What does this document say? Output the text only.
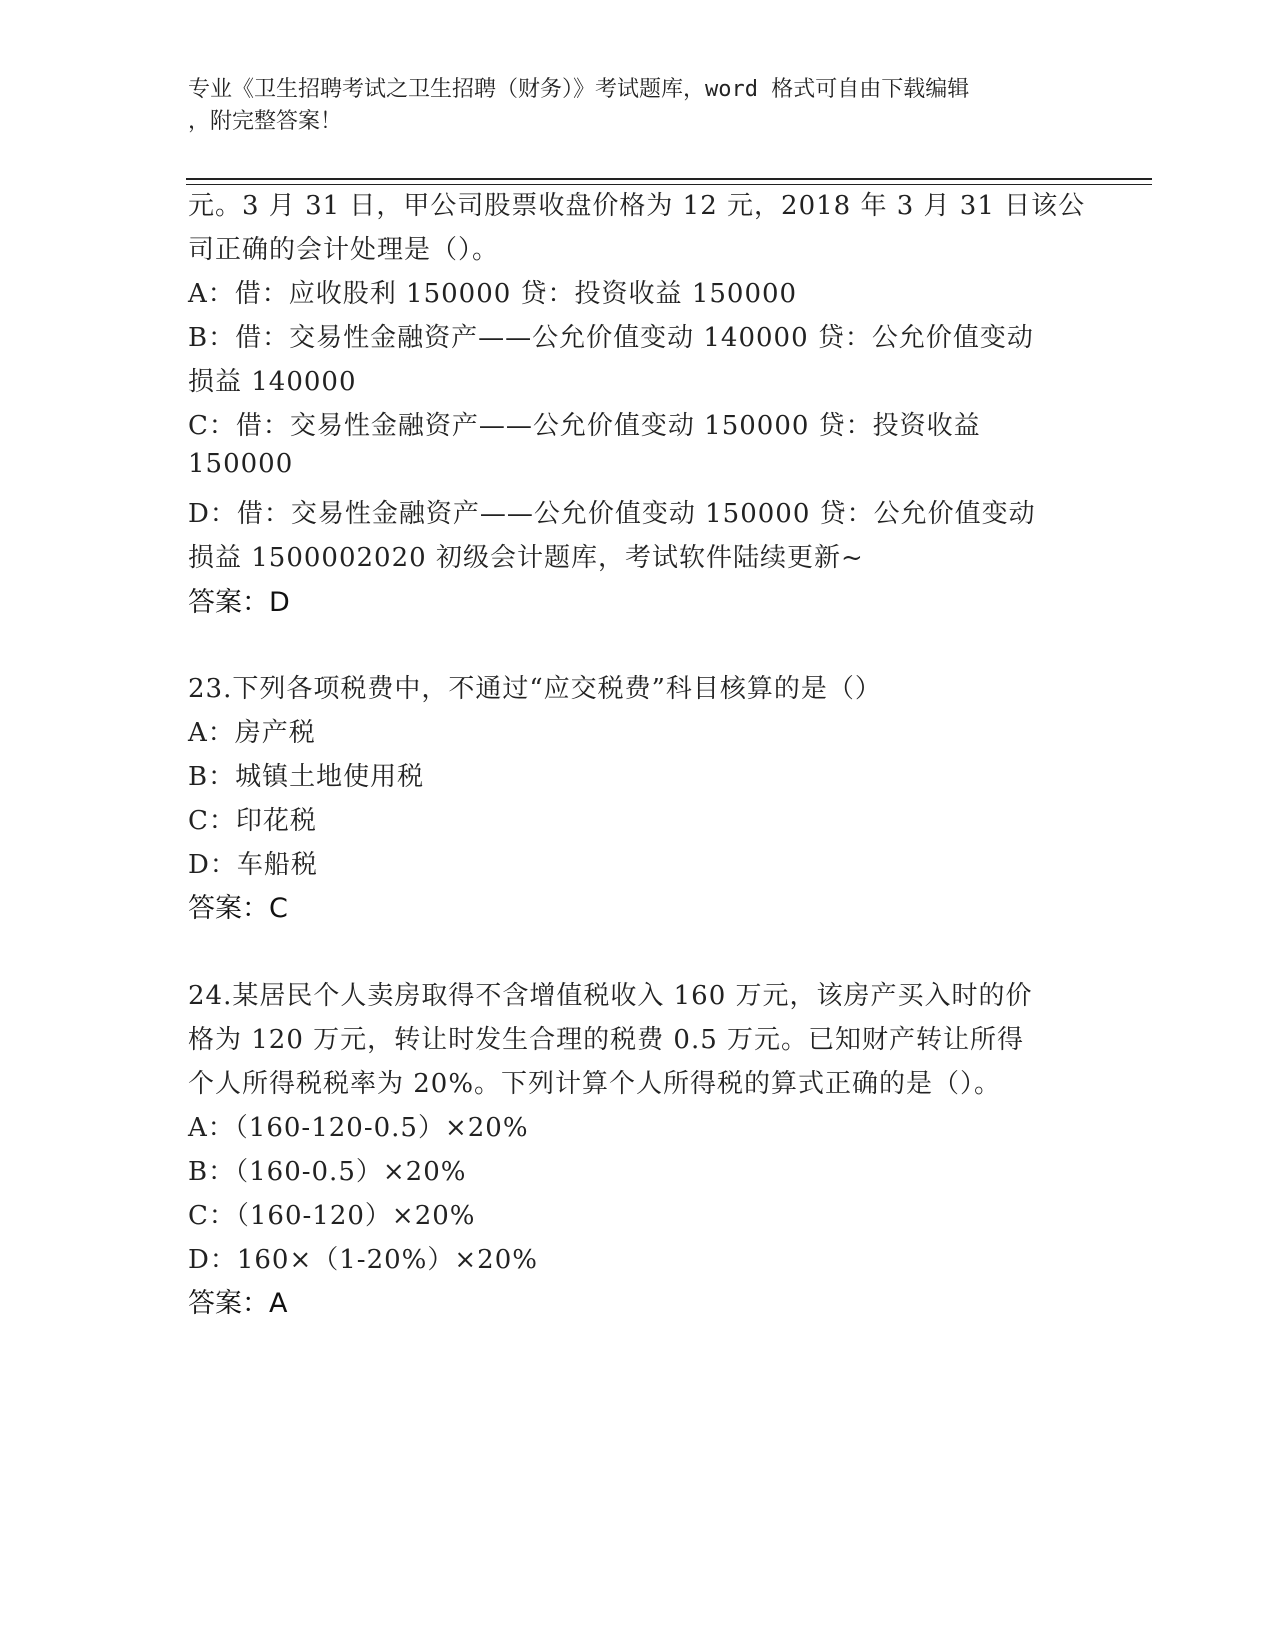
专业《卫生招聘考试之卫生招聘（财务）》考试题库，word 格式可自由下载编辑
，附完整答案！
元。3 月 31 日，甲公司股票收盘价格为 12 元，2018 年 3 月 31 日该公
司正确的会计处理是（）。
A：借：应收股利 150000 贷：投资收益 150000
B：借：交易性金融资产——公允价值变动 140000 贷：公允价值变动
损益 140000
C：借：交易性金融资产——公允价值变动 150000 贷：投资收益
150000
D：借：交易性金融资产——公允价值变动 150000 贷：公允价值变动
损益 1500002020 初级会计题库，考试软件陆续更新~
答案：D
23.下列各项税费中，不通过“应交税费”科目核算的是（）
A：房产税
B：城镇土地使用税
C：印花税
D：车船税
答案：C
24.某居民个人卖房取得不含增值税收入 160 万元，该房产买入时的价
格为 120 万元，转让时发生合理的税费 0.5 万元。已知财产转让所得
个人所得税税率为 20%。下列计算个人所得税的算式正确的是（）。
A：（160-120-0.5）×20%
B：（160-0.5）×20%
C：（160-120）×20%
D：160×（1-20%）×20%
答案：A
